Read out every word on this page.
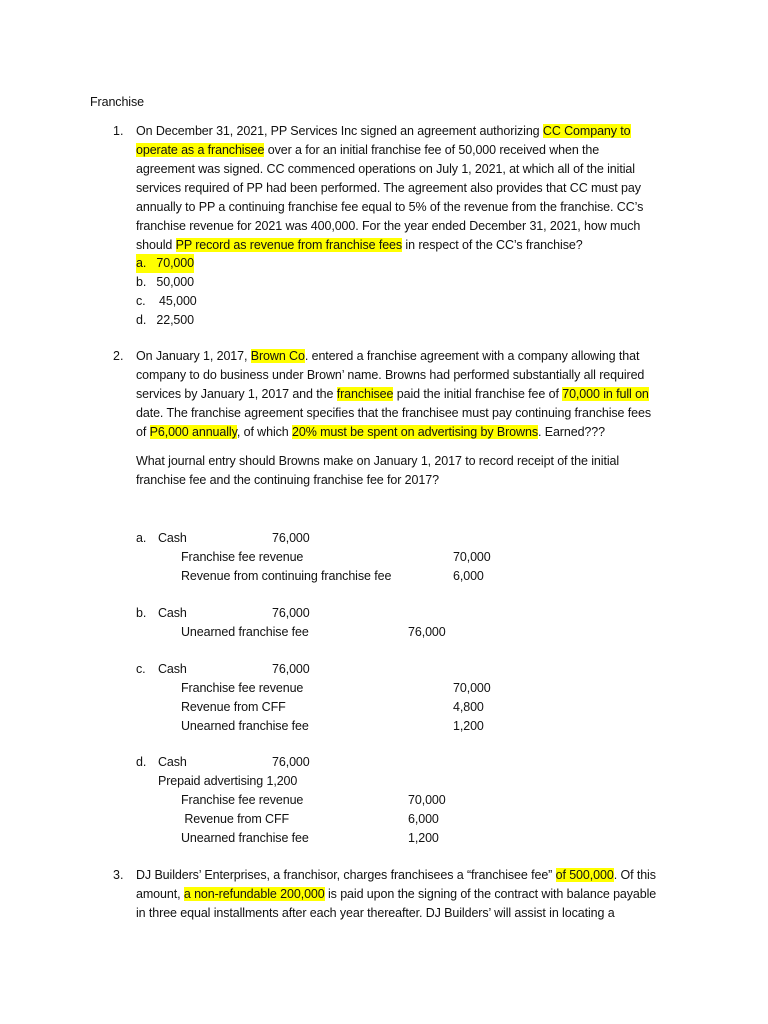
Franchise
1. On December 31, 2021, PP Services Inc signed an agreement authorizing CC Company to
operate as a franchisee over a for an initial franchise fee of 50,000 received when the
agreement was signed. CC commenced operations on July 1, 2021, at which all of the initial
services required of PP had been performed. The agreement also provides that CC must pay
annually to PP a continuing franchise fee equal to 5% of the revenue from the franchise. CC’s
franchise revenue for 2021 was 400,000. For the year ended December 31, 2021, how much
should PP record as revenue from franchise fees in respect of the CC’s franchise?
a. 70,000
b. 50,000
c. 45,000
d. 22,500
2. On January 1, 2017, Brown Co. entered a franchise agreement with a company allowing that
company to do business under Brown’ name. Browns had performed substantially all required
services by January 1, 2017 and the franchisee paid the initial franchise fee of 70,000 in full on
date. The franchise agreement specifies that the franchisee must pay continuing franchise fees
of P6,000 annually, of which 20% must be spent on advertising by Browns. Earned???
What journal entry should Browns make on January 1, 2017 to record receipt of the initial
franchise fee and the continuing franchise fee for 2017?
a. Cash	76,000
Franchise fee revenue	70,000
Revenue from continuing franchise fee	6,000
b. Cash	76,000
Unearned franchise fee	76,000
c. Cash	76,000
Franchise fee revenue	70,000
Revenue from CFF	4,800
Unearned franchise fee	1,200
d. Cash	76,000
Prepaid advertising 1,200
Franchise fee revenue	70,000
Revenue from CFF	6,000
Unearned franchise fee	1,200
3. DJ Builders’ Enterprises, a franchisor, charges franchisees a “franchisee fee” of 500,000. Of this
amount, a non-refundable 200,000 is paid upon the signing of the contract with balance payable
in three equal installments after each year thereafter. DJ Builders’ will assist in locating a
